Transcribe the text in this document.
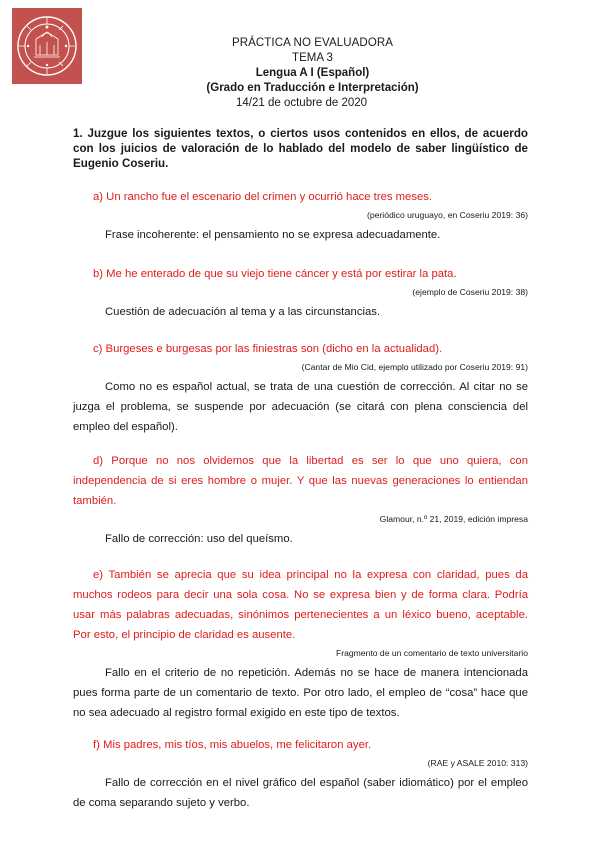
PRÁCTICA NO EVALUADORA
TEMA 3
Lengua A I (Español)
(Grado en Traducción e Interpretación)
14/21 de octubre de 2020

1. Juzgue los siguientes textos, o ciertos usos contenidos en ellos, de acuerdo con los juicios de valoración de lo hablado del modelo de saber lingüístico de Eugenio Coseriu.

a) Un rancho fue el escenario del crimen y ocurrió hace tres meses.

(periódico uruguayo, en Coseriu 2019: 36)

Frase incoherente: el pensamiento no se expresa adecuadamente.

b) Me he enterado de que su viejo tiene cáncer y está por estirar la pata.

(ejemplo de Coseriu 2019: 38)

Cuestión de adecuación al tema y a las circunstancias.

c) Burgeses e burgesas por las finiestras son (dicho en la actualidad).

(Cantar de Mio Cid, ejemplo utilizado por Coseriu 2019: 91)

Como no es español actual, se trata de una cuestión de corrección. Al citar no se juzga el problema, se suspende por adecuación (se citará con plena consciencia del empleo del español).

d) Porque no nos olvidemos que la libertad es ser lo que uno quiera, con independencia de si eres hombre o mujer. Y que las nuevas generaciones lo entiendan también.

Glamour, n.º 21, 2019, edición impresa

Fallo de corrección: uso del queísmo.

e) También se aprecia que su idea principal no la expresa con claridad, pues da muchos rodeos para decir una sola cosa. No se expresa bien y de forma clara. Podría usar más palabras adecuadas, sinónimos pertenecientes a un léxico bueno, aceptable. Por esto, el principio de claridad es ausente.

Fragmento de un comentario de texto universitario

Fallo en el criterio de no repetición. Además no se hace de manera intencionada pues forma parte de un comentario de texto. Por otro lado, el empleo de “cosa” hace que no sea adecuado al registro formal exigido en este tipo de textos.

f) Mis padres, mis tíos, mis abuelos, me felicitaron ayer.

(RAE y ASALE 2010: 313)

Fallo de corrección en el nivel gráfico del español (saber idiomático) por el empleo de coma separando sujeto y verbo.
